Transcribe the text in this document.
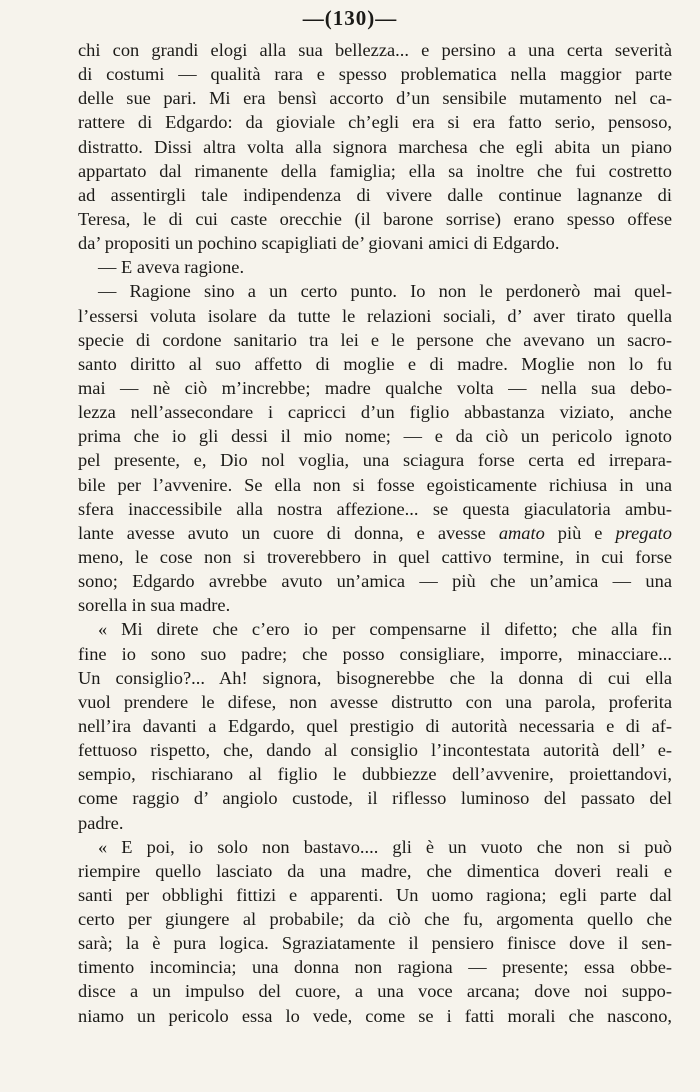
—(130)—
chi con grandi elogi alla sua bellezza... e persino a una certa severità
di costumi — qualità rara e spesso problematica nella maggior parte
delle sue pari. Mi era bensì accorto d’un sensibile mutamento nel ca-
rattere di Edgardo: da gioviale ch’egli era si era fatto serio, pensoso,
distratto. Dissi altra volta alla signora marchesa che egli abita un piano
appartato dal rimanente della famiglia; ella sa inoltre che fui costretto
ad assentirgli tale indipendenza di vivere dalle continue lagnanze di
Teresa, le di cui caste orecchie (il barone sorrise) erano spesso offese
da’ propositi un pochino scapigliati de’ giovani amici di Edgardo.
— E aveva ragione.
— Ragione sino a un certo punto. Io non le perdonerò mai quel-
l’essersi voluta isolare da tutte le relazioni sociali, d’ aver tirato quella
specie di cordone sanitario tra lei e le persone che avevano un sacro-
santo diritto al suo affetto di moglie e di madre. Moglie non lo fu
mai — nè ciò m’increbbe; madre qualche volta — nella sua debo-
lezza nell’assecondare i capricci d’un figlio abbastanza viziato, anche
prima che io gli dessi il mio nome; — e da ciò un pericolo ignoto
pel presente, e, Dio nol voglia, una sciagura forse certa ed irrepara-
bile per l’avvenire. Se ella non si fosse egoisticamente richiusa in una
sfera inaccessibile alla nostra affezione... se questa giaculatoria ambu-
lante avesse avuto un cuore di donna, e avesse amato più e pregato
meno, le cose non si troverebbero in quel cattivo termine, in cui forse
sono; Edgardo avrebbe avuto un’amica — più che un’amica — una
sorella in sua madre.
« Mi direte che c’ero io per compensarne il difetto; che alla fin
fine io sono suo padre; che posso consigliare, imporre, minacciare...
Un consiglio?... Ah! signora, bisognerebbe che la donna di cui ella
vuol prendere le difese, non avesse distrutto con una parola, proferita
nell’ira davanti a Edgardo, quel prestigio di autorità necessaria e di af-
fettuoso rispetto, che, dando al consiglio l’incontestata autorità dell’ e-
sempio, rischiarano al figlio le dubbiezze dell’avvenire, proiettandovi,
come raggio d’ angiolo custode, il riflesso luminoso del passato del
padre.
« E poi, io solo non bastavo.... gli è un vuoto che non si può
riempire quello lasciato da una madre, che dimentica doveri reali e
santi per obblighi fittizi e apparenti. Un uomo ragiona; egli parte dal
certo per giungere al probabile; da ciò che fu, argomenta quello che
sarà; la è pura logica. Sgraziatamente il pensiero finisce dove il sen-
timento incomincia; una donna non ragiona — presente; essa obbe-
disce a un impulso del cuore, a una voce arcana; dove noi suppo-
niamo un pericolo essa lo vede, come se i fatti morali che nascono,
